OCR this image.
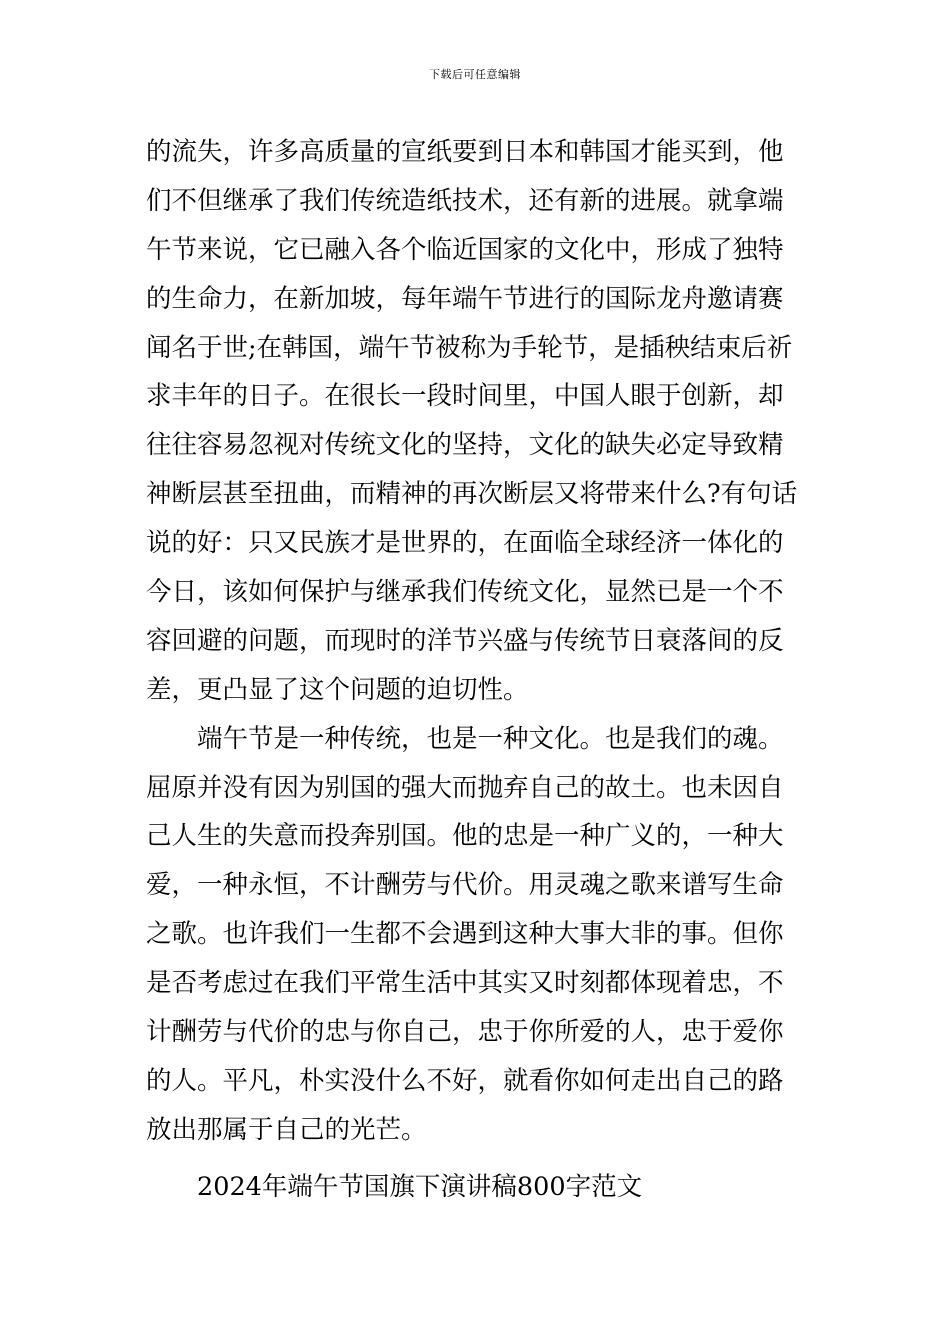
下载后可任意编辑
的流失，许多高质量的宣纸要到日本和韩国才能买到，他
们不但继承了我们传统造纸技术，还有新的进展。就拿端
午节来说，它已融入各个临近国家的文化中，形成了独特
的生命力，在新加坡，每年端午节进行的国际龙舟邀请赛
闻名于世;在韩国，端午节被称为手轮节，是插秧结束后祈
求丰年的日子。在很长一段时间里，中国人眼于创新，却
往往容易忽视对传统文化的坚持，文化的缺失必定导致精
神断层甚至扭曲，而精神的再次断层又将带来什么?有句话
说的好：只又民族才是世界的，在面临全球经济一体化的
今日，该如何保护与继承我们传统文化，显然已是一个不
容回避的问题，而现时的洋节兴盛与传统节日衰落间的反
差，更凸显了这个问题的迫切性。
端午节是一种传统，也是一种文化。也是我们的魂。
屈原并没有因为别国的强大而抛弃自己的故土。也未因自
己人生的失意而投奔别国。他的忠是一种广义的，一种大
爱，一种永恒，不计酬劳与代价。用灵魂之歌来谱写生命
之歌。也许我们一生都不会遇到这种大事大非的事。但你
是否考虑过在我们平常生活中其实又时刻都体现着忠，不
计酬劳与代价的忠与你自己，忠于你所爱的人，忠于爱你
的人。平凡，朴实没什么不好，就看你如何走出自己的路
放出那属于自己的光芒。
2024年端午节国旗下演讲稿800字范文
